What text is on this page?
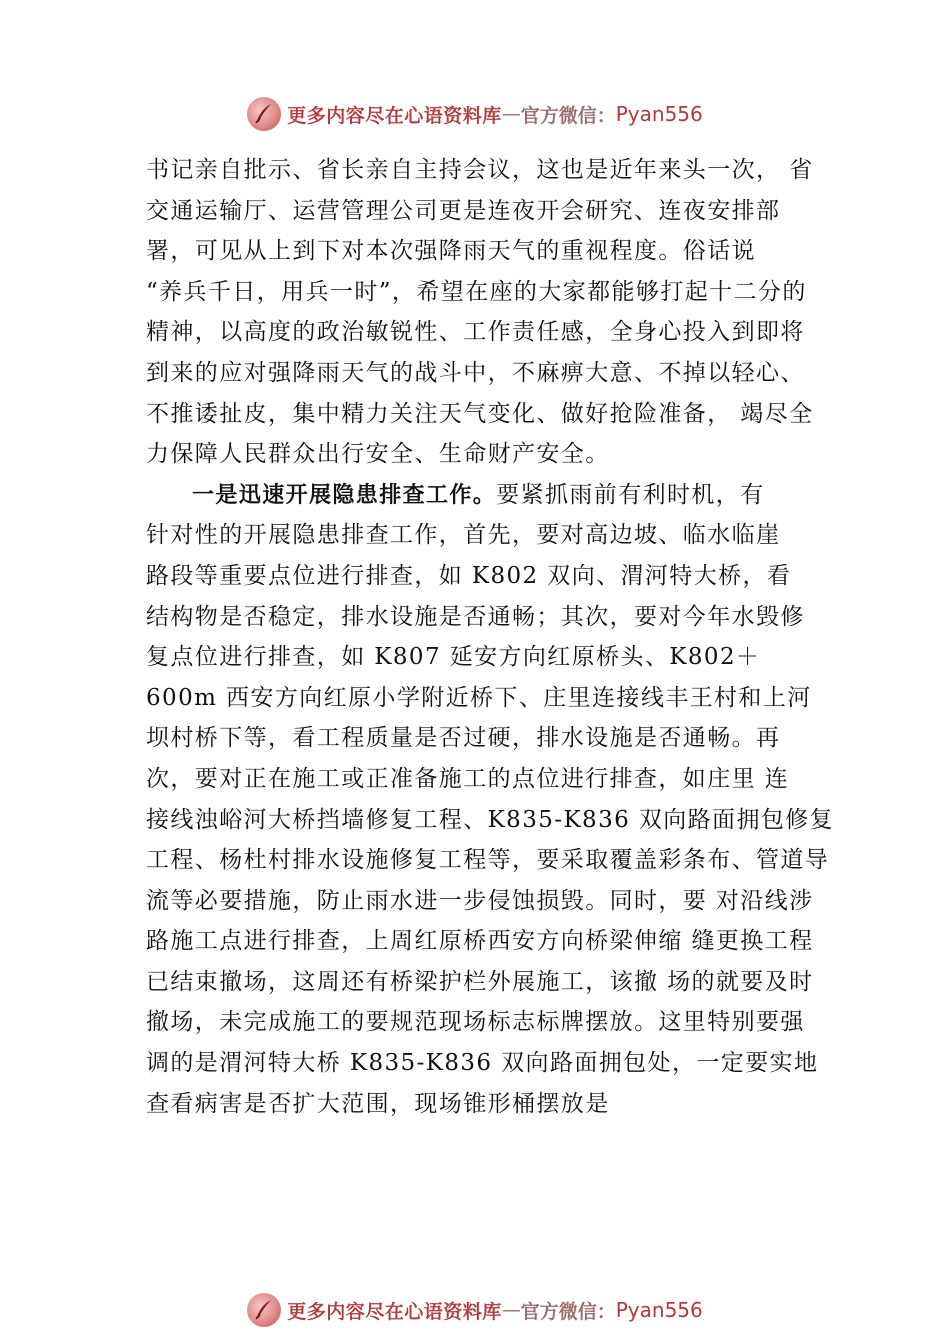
更多内容尽在心语资料库 — 官方微信： Pyan556
书记亲自批示、省长亲自主持会议，这也是近年来头一次， 省
交通运输厅、运营管理公司更是连夜开会研究、连夜安排部
署，可见从上到下对本次强降雨天气的重视程度。俗话说
“养兵千日，用兵一时”，希望在座的大家都能够打起十二分的
精神，以高度的政治敏锐性、工作责任感，全身心投入到即将
到来的应对强降雨天气的战斗中，不麻痹大意、不掉以轻心、
不推诿扯皮，集中精力关注天气变化、做好抢险准备， 竭尽全
力保障人民群众出行安全、生命财产安全。
一是迅速开展隐患排查工作。要紧抓雨前有利时机，有
针对性的开展隐患排查工作，首先，要对高边坡、临水临崖
路段等重要点位进行排查，如 K802 双向、渭河特大桥，看
结构物是否稳定，排水设施是否通畅；其次，要对今年水毁修
复点位进行排查，如 K807 延安方向红原桥头、K802＋
600m 西安方向红原小学附近桥下、庄里连接线丰王村和上河
坝村桥下等，看工程质量是否过硬，排水设施是否通畅。再
次，要对正在施工或正准备施工的点位进行排查，如庄里 连
接线浊峪河大桥挡墙修复工程、K835-K836 双向路面拥包修复
工程、杨杜村排水设施修复工程等，要采取覆盖彩条布、管道导
流等必要措施，防止雨水进一步侵蚀损毁。同时，要 对沿线涉
路施工点进行排查，上周红原桥西安方向桥梁伸缩 缝更换工程
已结束撤场，这周还有桥梁护栏外展施工，该撤 场的就要及时
撤场，未完成施工的要规范现场标志标牌摆放。这里特别要强
调的是渭河特大桥 K835-K836 双向路面拥包处，一定要实地
查看病害是否扩大范围，现场锥形桶摆放是
更多内容尽在心语资料库 — 官方微信： Pyan556
